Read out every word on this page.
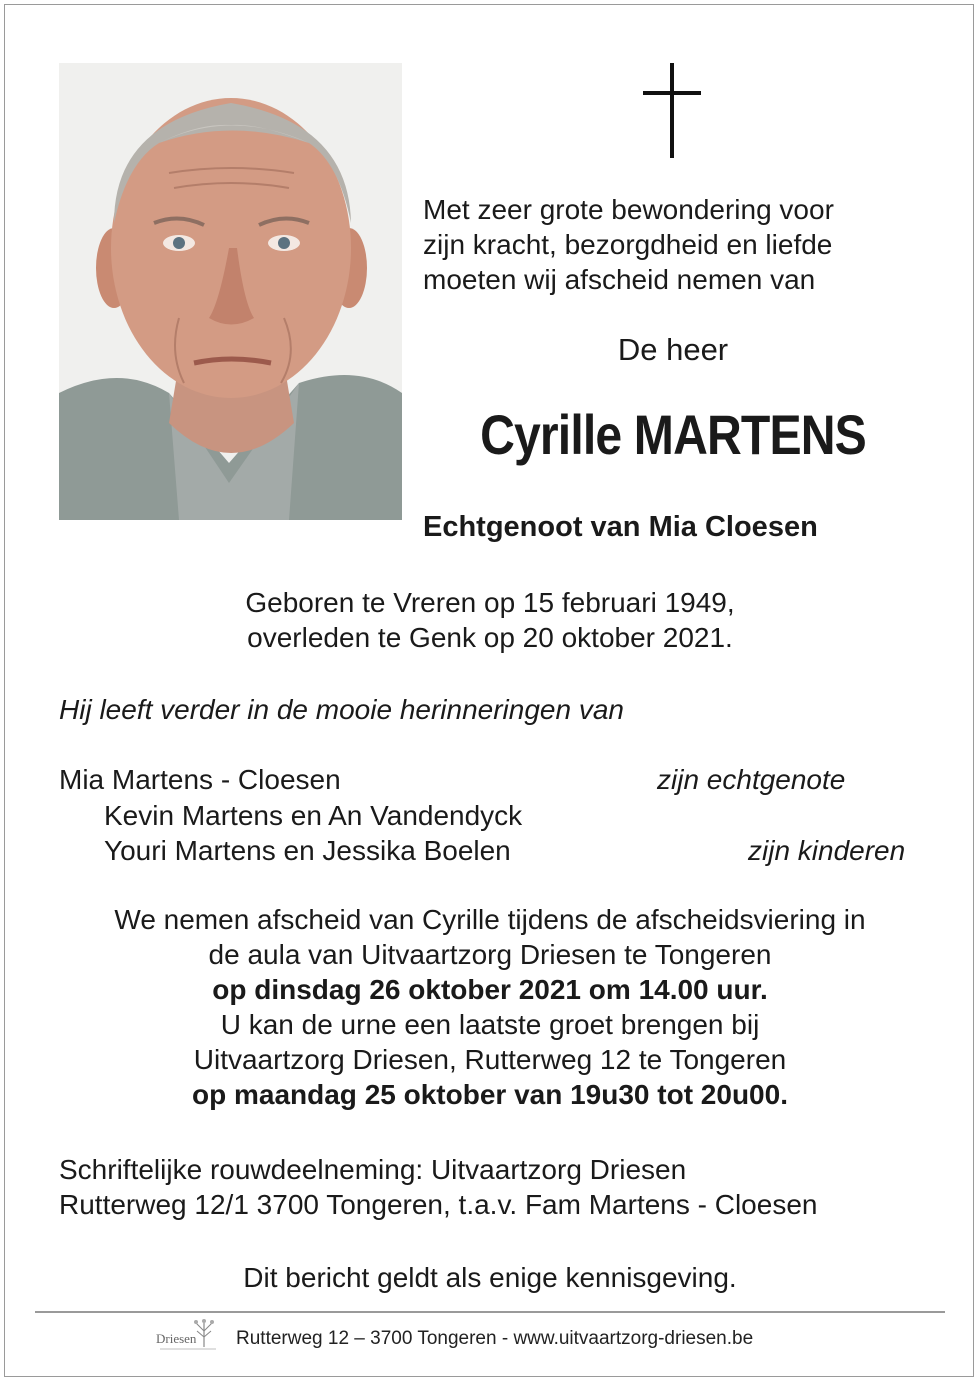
Met zeer grote bewondering voor
zijn kracht, bezorgdheid en liefde
moeten wij afscheid nemen van
De heer
Cyrille MARTENS
Echtgenoot van Mia Cloesen
Geboren te Vreren op 15 februari 1949,
overleden te Genk op 20 oktober 2021.
Hij leeft verder in de mooie herinneringen van
Mia Martens - Cloesen	zijn echtgenote
Kevin Martens en An Vandendyck
Youri Martens en Jessika Boelen	zijn kinderen
We nemen afscheid van Cyrille tijdens de afscheidsviering in
de aula van Uitvaartzorg Driesen te Tongeren
op dinsdag 26 oktober 2021 om 14.00 uur.
U kan de urne een laatste groet brengen bij
Uitvaartzorg Driesen, Rutterweg 12 te Tongeren
op maandag 25 oktober van 19u30 tot 20u00.
Schriftelijke rouwdeelneming: Uitvaartzorg Driesen
Rutterweg 12/1 3700 Tongeren, t.a.v. Fam Martens - Cloesen
Dit bericht geldt als enige kennisgeving.
Driesen Rutterweg 12 – 3700 Tongeren - www.uitvaartzorg-driesen.be
